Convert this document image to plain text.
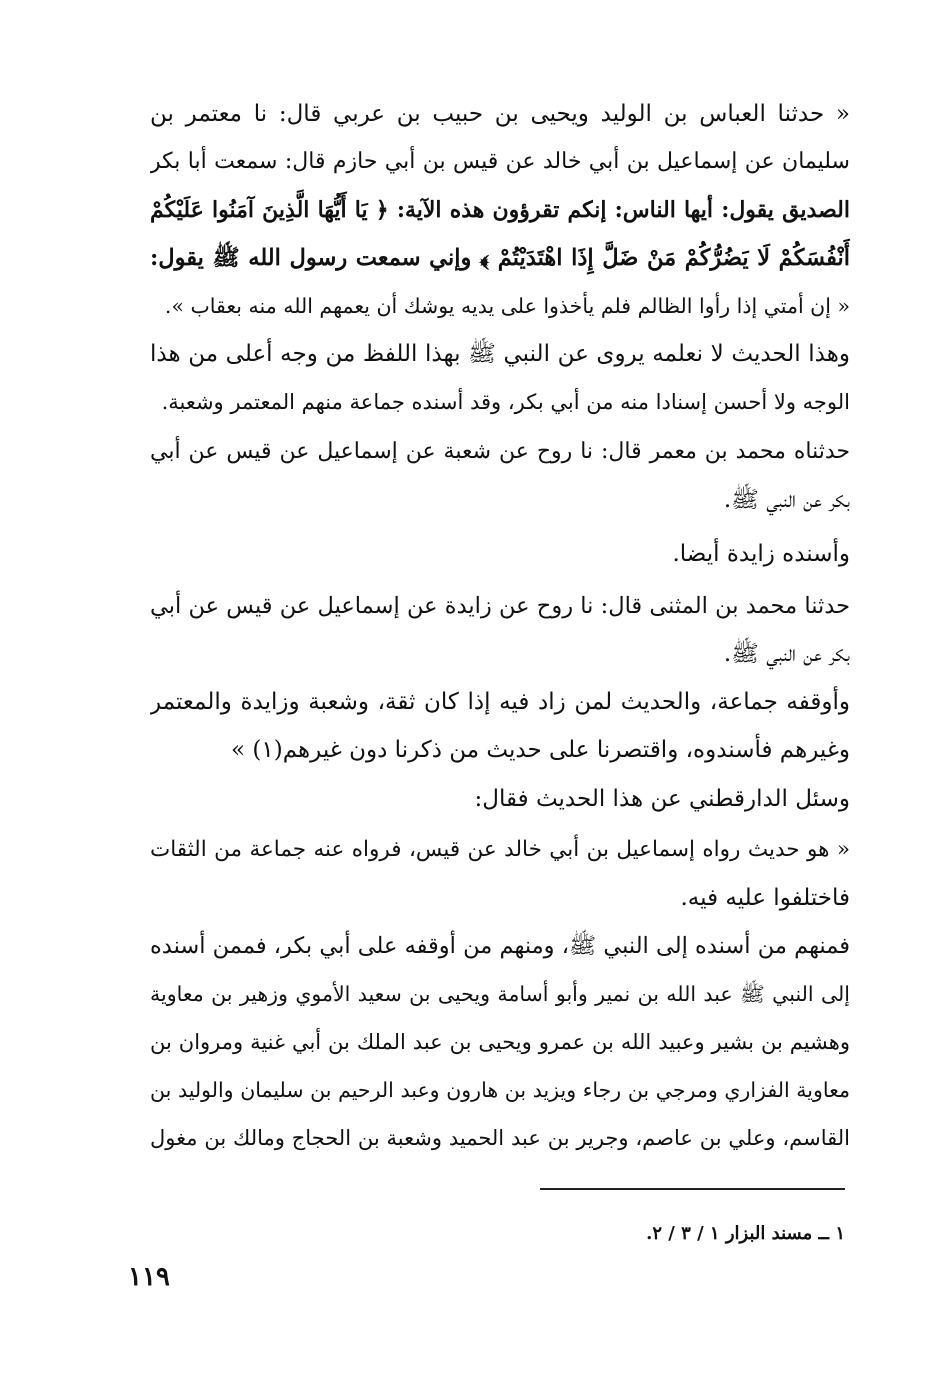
« حدثنا العباس بن الوليد ويحيى بن حبيب بن عربي قال: نا معتمر بن
سليمان عن إسماعيل بن أبي خالد عن قيس بن أبي حازم قال: سمعت أبا بكر
الصديق يقول: أيها الناس: إنكم تقرؤون هذه الآية: ﴿ يَا أَيُّهَا الَّذِينَ آمَنُوا عَلَيْكُمْ
أَنْفُسَكُمْ لَا يَضُرُّكُمْ مَنْ ضَلَّ إِذَا اهْتَدَيْتُمْ ﴾ وإني سمعت رسول الله ﷺ يقول:
« إن أمتي إذا رأوا الظالم فلم يأخذوا على يديه يوشك أن يعمهم الله منه بعقاب ».
وهذا الحديث لا نعلمه يروى عن النبي ﷺ بهذا اللفظ من وجه أعلى من هذا
الوجه ولا أحسن إسنادا منه من أبي بكر، وقد أسنده جماعة منهم المعتمر وشعبة.
حدثناه محمد بن معمر قال: نا روح عن شعبة عن إسماعيل عن قيس عن أبي
بكر عن النبي ﷺ.
وأسنده زايدة أيضا.
حدثنا محمد بن المثنى قال: نا روح عن زايدة عن إسماعيل عن قيس عن أبي
بكر عن النبي ﷺ.
وأوقفه جماعة، والحديث لمن زاد فيه إذا كان ثقة، وشعبة وزايدة والمعتمر
وغيرهم فأسندوه، واقتصرنا على حديث من ذكرنا دون غيرهم(١) »
وسئل الدارقطني عن هذا الحديث فقال:
« هو حديث رواه إسماعيل بن أبي خالد عن قيس، فرواه عنه جماعة من الثقات
فاختلفوا عليه فيه.
فمنهم من أسنده إلى النبي ﷺ، ومنهم من أوقفه على أبي بكر، فممن أسنده
إلى النبي ﷺ عبد الله بن نمير وأبو أسامة ويحيى بن سعيد الأموي وزهير بن معاوية
وهشيم بن بشير وعبيد الله بن عمرو ويحيى بن عبد الملك بن أبي غنية ومروان بن
معاوية الفزاري ومرجي بن رجاء ويزيد بن هارون وعبد الرحيم بن سليمان والوليد بن
القاسم، وعلي بن عاصم، وجرير بن عبد الحميد وشعبة بن الحجاج ومالك بن مغول
١ ــ مسند البزار ١ / ٣ / ٢.
١١٩
